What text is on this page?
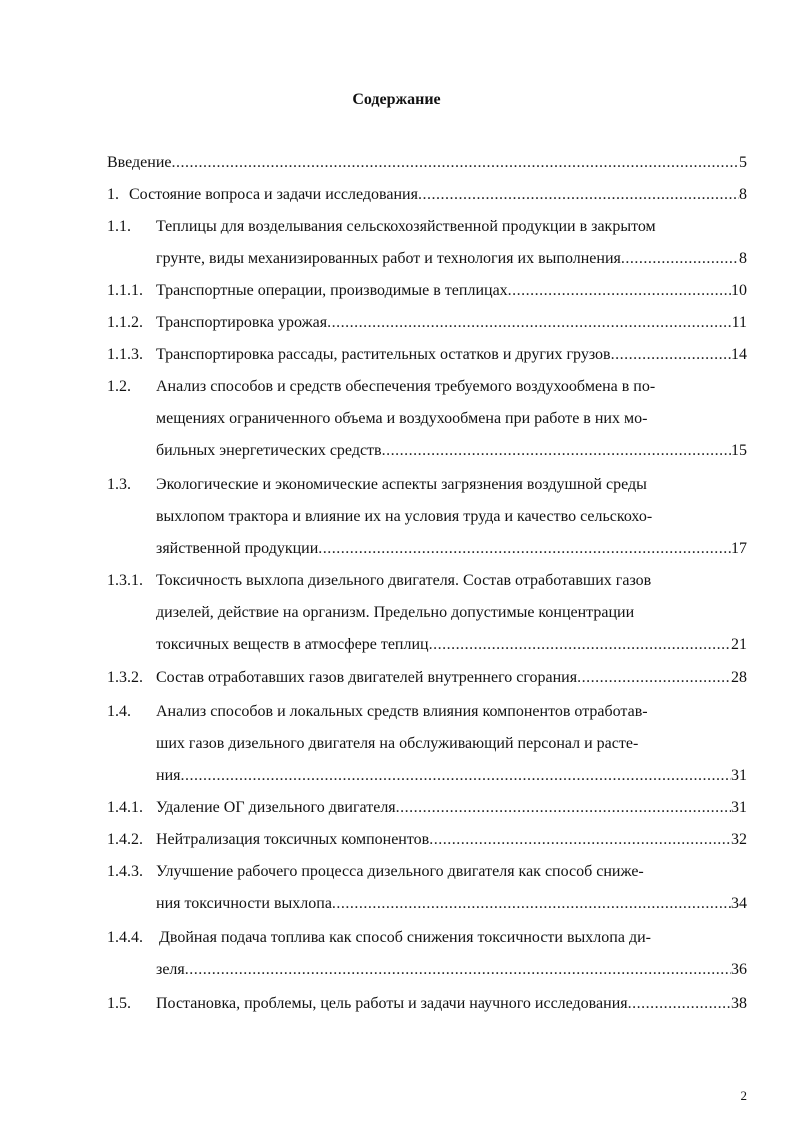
Содержание
Введение .....	5
1. Состояние вопроса и задачи исследования .....	8
1.1. Теплицы для возделывания сельскохозяйственной продукции в закрытом
грунте, виды механизированных работ и технология их выполнения .....	8
1.1.1. Транспортные операции, производимые в теплицах .....	10
1.1.2. Транспортировка урожая .....	11
1.1.3. Транспортировка рассады, растительных остатков и других грузов .....	14
1.2. Анализ способов и средств обеспечения требуемого воздухообмена в по-
мещениях ограниченного объема и воздухообмена при работе в них мо-
бильных энергетических средств .....	15
1.3. Экологические и экономические аспекты загрязнения воздушной среды
выхлопом трактора и влияние их на условия труда и качество сельскохо-
зяйственной продукции .....	17
1.3.1. Токсичность выхлопа дизельного двигателя. Состав отработавших газов
дизелей, действие на организм. Предельно допустимые концентрации
токсичных веществ в атмосфере теплиц .....	21
1.3.2. Состав отработавших газов двигателей внутреннего сгорания .....	28
1.4. Анализ способов и локальных средств влияния компонентов отработав-
ших газов дизельного двигателя на обслуживающий персонал и расте-
ния .....	31
1.4.1. Удаление ОГ дизельного двигателя .....	31
1.4.2. Нейтрализация токсичных компонентов .....	32
1.4.3. Улучшение рабочего процесса дизельного двигателя как способ сниже-
ния токсичности выхлопа .....	34
1.4.4. Двойная подача топлива как способ снижения токсичности выхлопа ди-
зеля .....	36
1.5. Постановка, проблемы, цель работы и задачи научного исследования .....	38
2
